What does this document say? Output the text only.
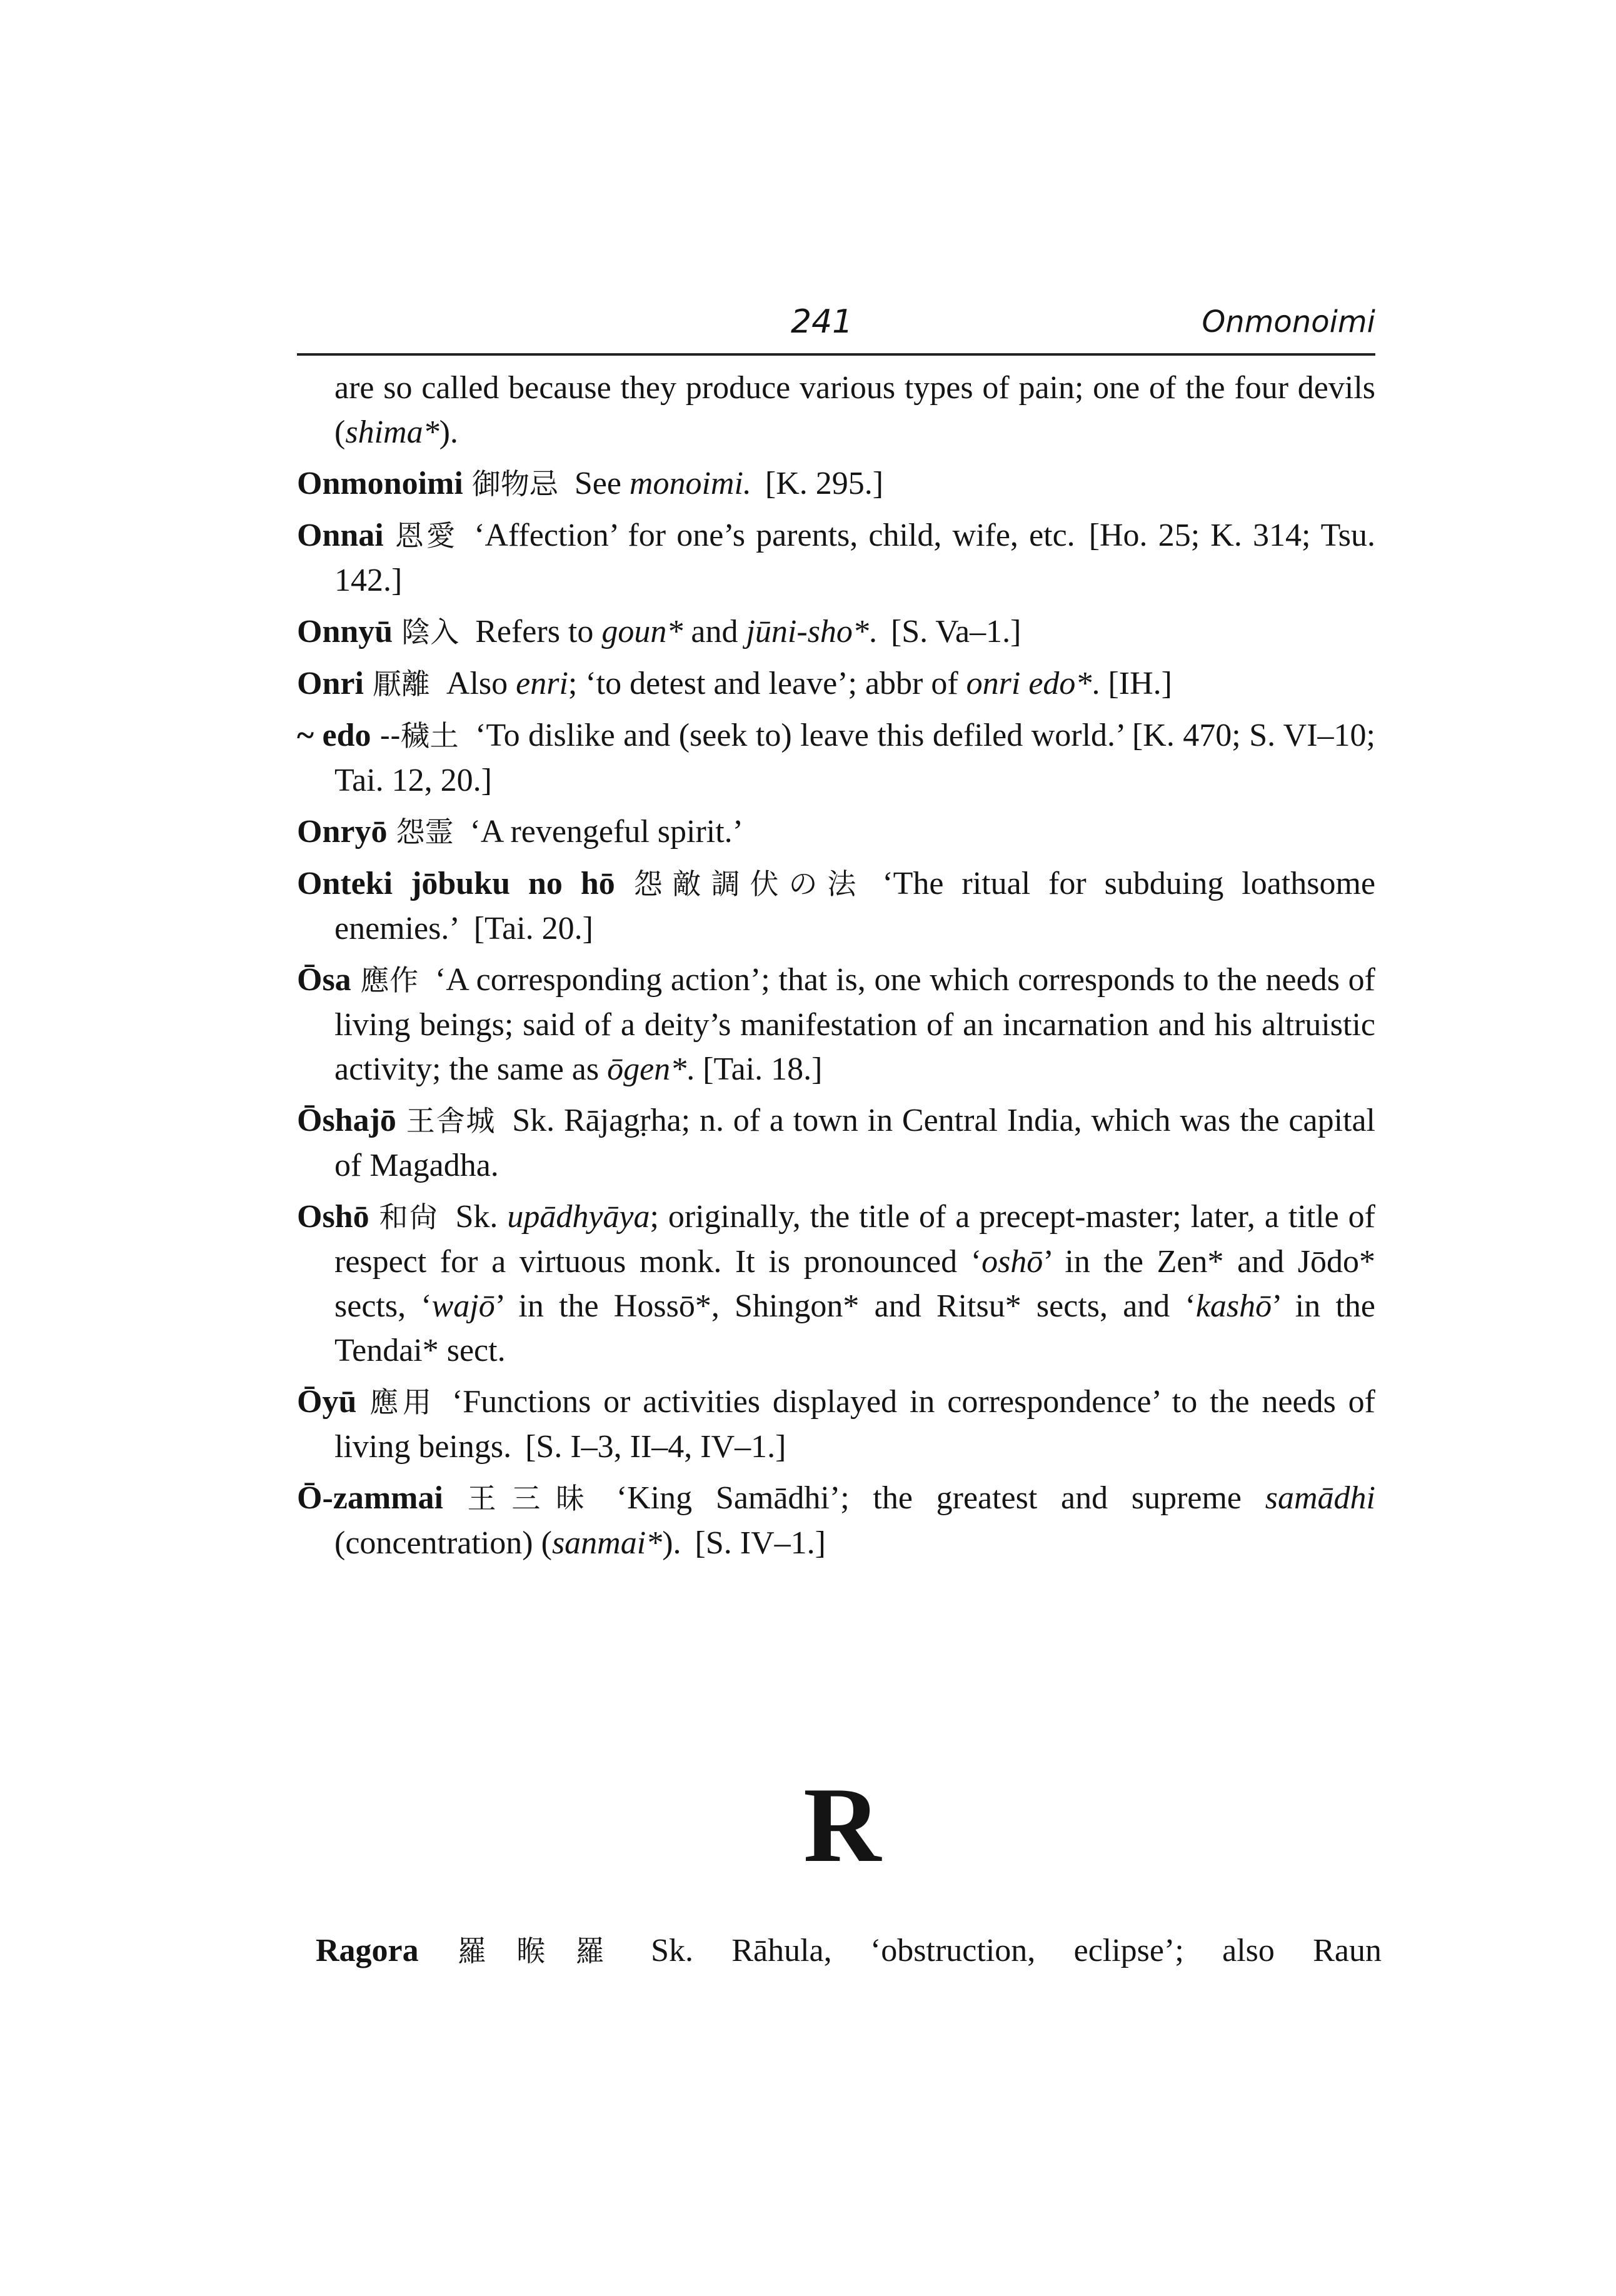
241	Onmonoimi

are so called because they produce various types of pain; one of the four devils (shima*).

Onmonoimi 御物忌 See monoimi. [K. 295.]

Onnai 恩愛 ‘Affection’ for one’s parents, child, wife, etc. [Ho. 25; K. 314; Tsu. 142.]

Onnyū 陰入 Refers to goun* and jūni-sho*. [S. Va–1.]

Onri 厭離 Also enri; ‘to detest and leave’; abbr of onri edo*. [IH.]

~ edo --穢土 ‘To dislike and (seek to) leave this defiled world.’ [K. 470; S. VI–10; Tai. 12, 20.]

Onryō 怨霊 ‘A revengeful spirit.’

Onteki jōbuku no hō 怨敵調伏の法 ‘The ritual for subduing loathsome enemies.’ [Tai. 20.]

Ōsa 應作 ‘A corresponding action’; that is, one which corresponds to the needs of living beings; said of a deity’s manifestation of an incarnation and his altruistic activity; the same as ōgen*. [Tai. 18.]

Ōshajō 王舎城 Sk. Rājagṛha; n. of a town in Central India, which was the capital of Magadha.

Oshō 和尙 Sk. upādhyāya; originally, the title of a precept-master; later, a title of respect for a virtuous monk. It is pronounced ‘oshō’ in the Zen* and Jōdo* sects, ‘wajō’ in the Hossō*, Shingon* and Ritsu* sects, and ‘kashō’ in the Tendai* sect.

Ōyū 應用 ‘Functions or activities displayed in correspondence’ to the needs of living beings. [S. I–3, II–4, IV–1.]

Ō-zammai 王三昧 ‘King Samādhi’; the greatest and supreme samādhi (concentration) (sanmai*). [S. IV–1.]

R
Ragora 羅睺羅 Sk. Rāhula, ‘obstruction, eclipse’; also Raun
